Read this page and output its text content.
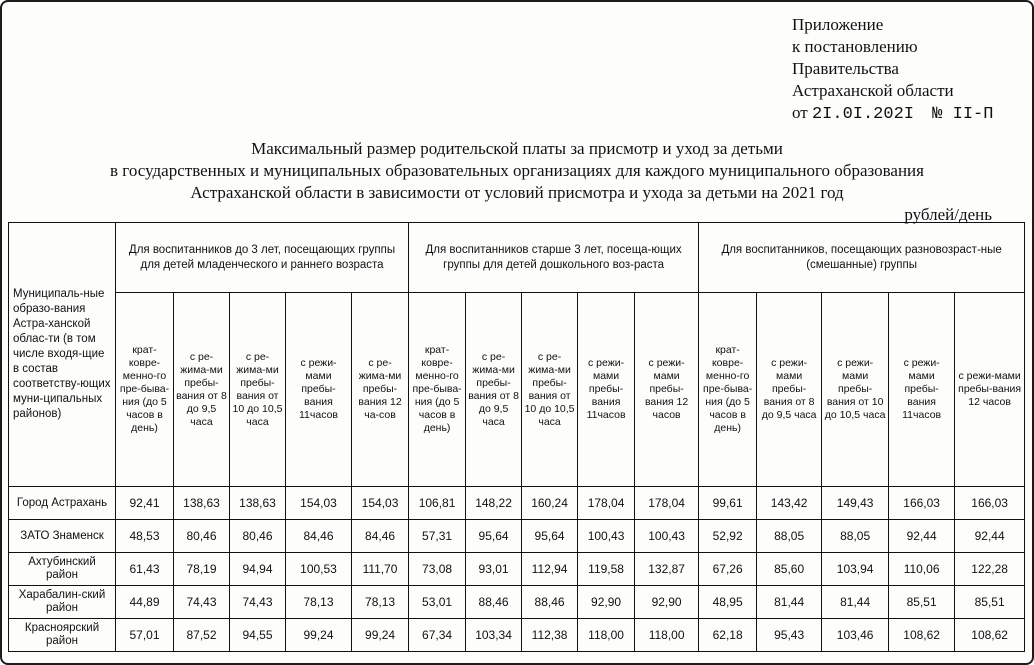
Приложение
к постановлению
Правительства
Астраханской области
от 2I.0I.202I № II-П
Максимальный размер родительской платы за присмотр и уход за детьми
в государственных и муниципальных образовательных организациях для каждого муниципального образования
Астраханской области в зависимости от условий присмотра и ухода за детьми на 2021 год
рублей/день
Муниципаль-ные образо-вания Астра-ханской облас-ти (в том числе входя-щие в состав соответству-ющих муни-ципальных районов)	Для воспитанников до 3 лет, посещающих группы для детей младенческого и раннего возраста					Для воспитанников старше 3 лет, посеща-ющих группы для детей дошкольного воз-раста					Для воспитанников, посещающих разновозраст-ные (смешанные) группы				
	крат-ковре-менно-го пре-быва-ния (до 5 часов в день)	с ре-жима-ми пребы-вания от 8 до 9,5 часа	с ре-жима-ми пребы-вания от 10 до 10,5 часа	с режи-мами пребы-вания 11часов	с ре-жима-ми пребы-вания 12 ча-сов	крат-ковре-менно-го пре-быва-ния (до 5 часов в день)	с ре-жима-ми пребы-вания от 8 до 9,5 часа	с ре-жима-ми пребы-вания от 10 до 10,5 часа	с режи-мами пребы-вания 11часов	с режи-мами пребы-вания 12 часов	крат-ковре-менно-го пре-быва-ния (до 5 часов в день)	с режи-мами пребы-вания от 8 до 9,5 часа	с режи-мами пребы-вания от 10 до 10,5 часа	с режи-мами пребы-вания 11часов	с режи-мами пребы-вания 12 часов
Город Астрахань	92,41	138,63	138,63	154,03	154,03	106,81	148,22	160,24	178,04	178,04	99,61	143,42	149,43	166,03	166,03
ЗАТО Знаменск	48,53	80,46	80,46	84,46	84,46	57,31	95,64	95,64	100,43	100,43	52,92	88,05	88,05	92,44	92,44
Ахтубинский район	61,43	78,19	94,94	100,53	111,70	73,08	93,01	112,94	119,58	132,87	67,26	85,60	103,94	110,06	122,28
Харабалин-ский район	44,89	74,43	74,43	78,13	78,13	53,01	88,46	88,46	92,90	92,90	48,95	81,44	81,44	85,51	85,51
Красноярский район	57,01	87,52	94,55	99,24	99,24	67,34	103,34	112,38	118,00	118,00	62,18	95,43	103,46	108,62	108,62
